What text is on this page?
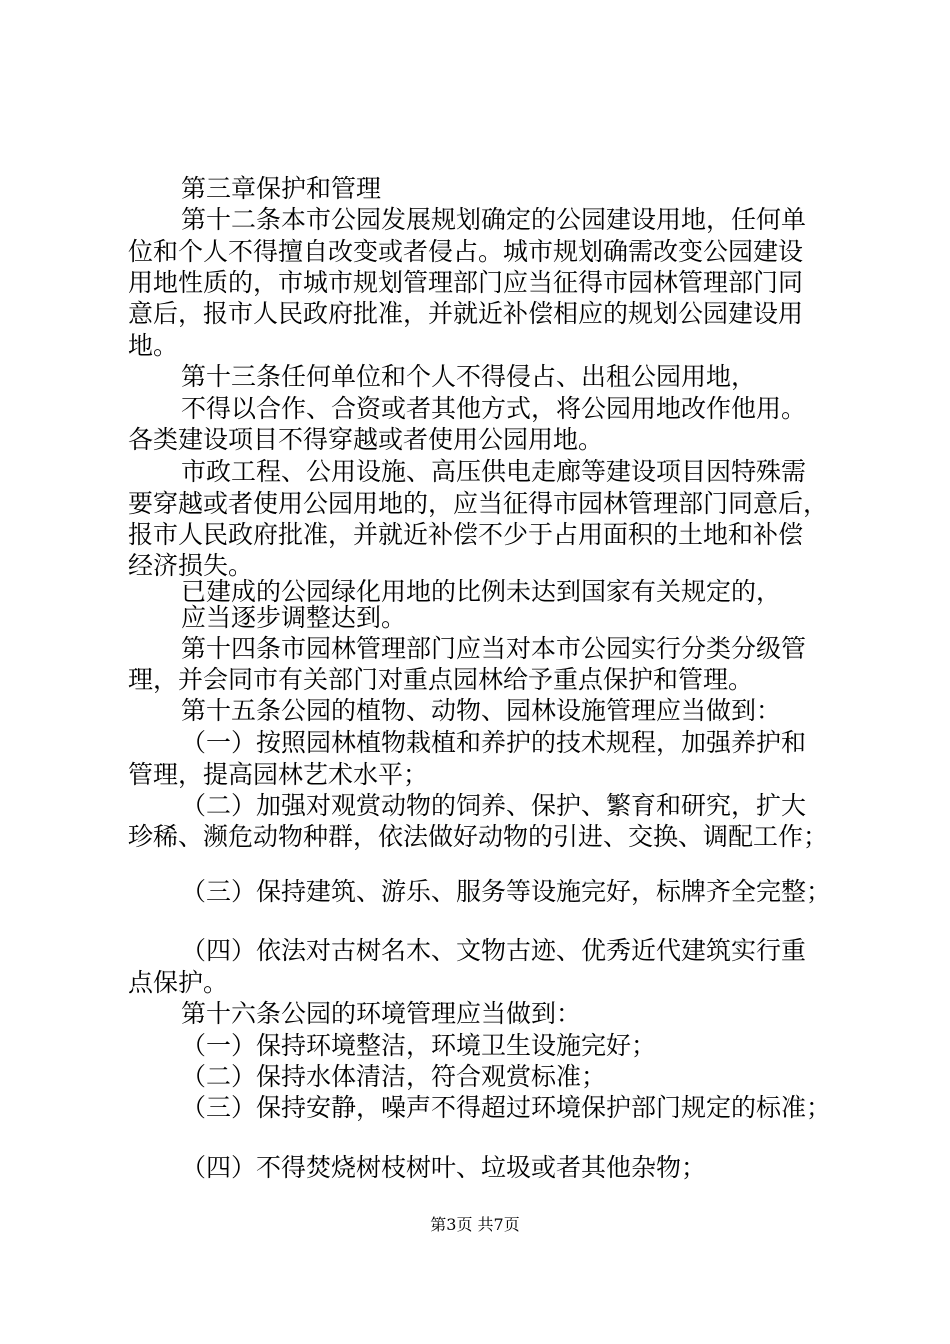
第三章保护和管理

第十二条本市公园发展规划确定的公园建设用地，任何单

位和个人不得擅自改变或者侵占。城市规划确需改变公园建设

用地性质的，市城市规划管理部门应当征得市园林管理部门同

意后，报市人民政府批准，并就近补偿相应的规划公园建设用

地。

第十三条任何单位和个人不得侵占、出租公园用地，

不得以合作、合资或者其他方式，将公园用地改作他用。

各类建设项目不得穿越或者使用公园用地。

市政工程、公用设施、高压供电走廊等建设项目因特殊需

要穿越或者使用公园用地的，应当征得市园林管理部门同意后，

报市人民政府批准，并就近补偿不少于占用面积的土地和补偿

经济损失。

已建成的公园绿化用地的比例未达到国家有关规定的，

应当逐步调整达到。

第十四条市园林管理部门应当对本市公园实行分类分级管

理，并会同市有关部门对重点园林给予重点保护和管理。

第十五条公园的植物、动物、园林设施管理应当做到：

（一）按照园林植物栽植和养护的技术规程，加强养护和

管理，提高园林艺术水平；

（二）加强对观赏动物的饲养、保护、繁育和研究，扩大

珍稀、濒危动物种群，依法做好动物的引进、交换、调配工作；

（三）保持建筑、游乐、服务等设施完好，标牌齐全完整；

（四）依法对古树名木、文物古迹、优秀近代建筑实行重

点保护。

第十六条公园的环境管理应当做到：

（一）保持环境整洁，环境卫生设施完好；

（二）保持水体清洁，符合观赏标准；

（三）保持安静，噪声不得超过环境保护部门规定的标准；

（四）不得焚烧树枝树叶、垃圾或者其他杂物；

第3页 共7页
